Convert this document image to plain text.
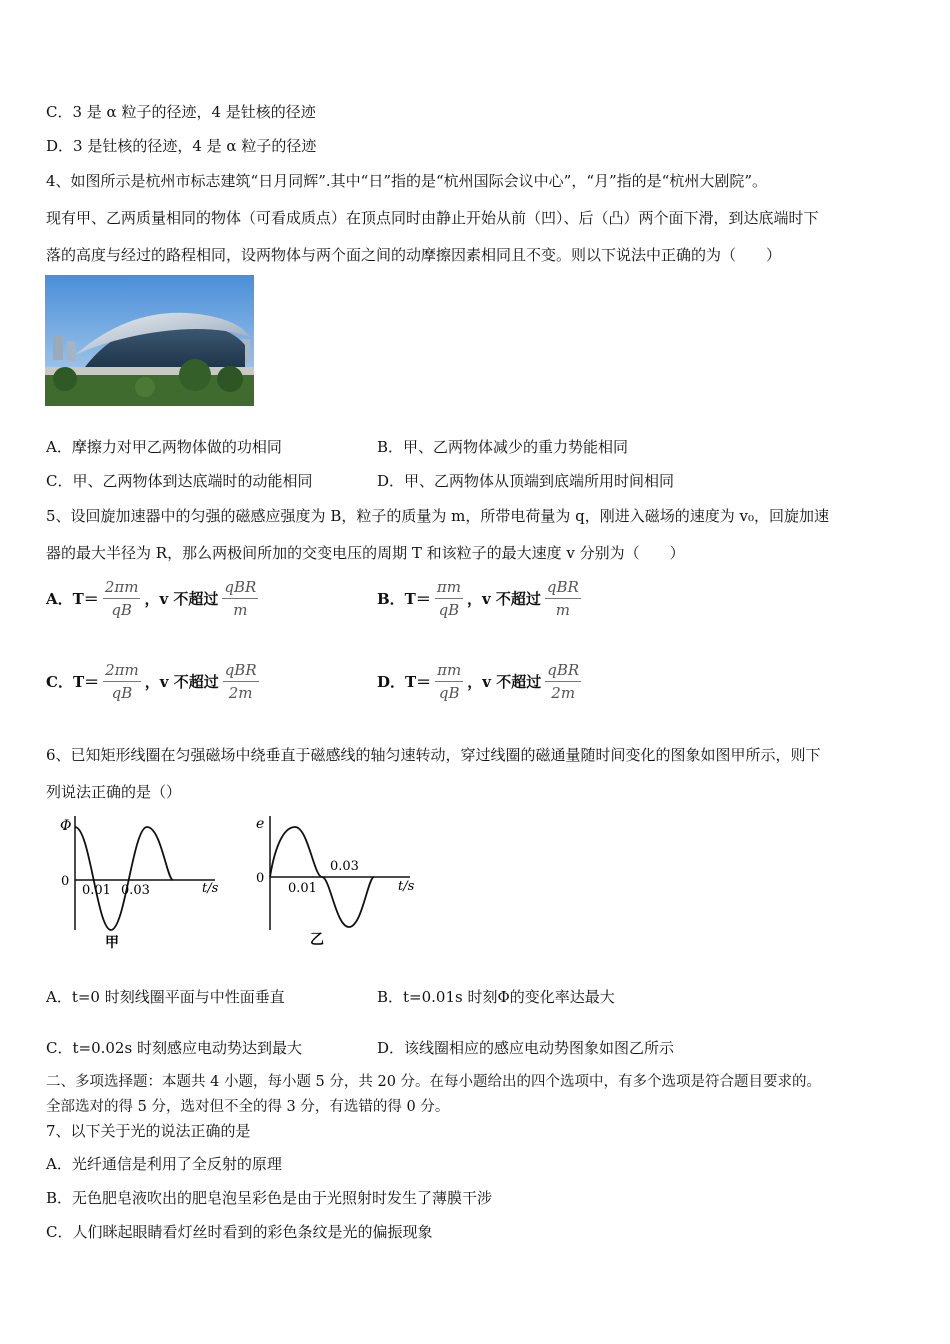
C．3 是 α 粒子的径迹，4 是钍核的径迹
D．3 是钍核的径迹，4 是 α 粒子的径迹
4、如图所示是杭州市标志建筑“日月同辉”.其中“日”指的是“杭州国际会议中心”，“月”指的是“杭州大剧院”。
现有甲、乙两质量相同的物体（可看成质点）在顶点同时由静止开始从前（凹）、后（凸）两个面下滑，到达底端时下
落的高度与经过的路程相同，设两物体与两个面之间的动摩擦因素相同且不变。则以下说法中正确的为（　　）
A．摩擦力对甲乙两物体做的功相同	B．甲、乙两物体减少的重力势能相同
C．甲、乙两物体到达底端时的动能相同	D．甲、乙两物体从顶端到底端所用时间相同
5、设回旋加速器中的匀强的磁感应强度为 B，粒子的质量为 m，所带电荷量为 q，刚进入磁场的速度为 v₀，回旋加速
器的最大半径为 R，那么两极间所加的交变电压的周期 T 和该粒子的最大速度 v 分别为（　　）
A．$T= \frac{2\pi m}{qB}$ ，v 不超过 $\frac{\text{qBR}}{m}$	B．$T= \frac{\pi m}{qB}$ ，v 不超过 $\frac{\text{qBR}}{m}$
C．$T= \frac{2\pi m}{qB}$ ，v 不超过 $\frac{\text{qBR}}{2m}$	D．$T= \frac{\pi m}{qB}$ ，v 不超过 $\frac{\text{qBR}}{2m}$
6、已知矩形线圈在匀强磁场中绕垂直于磁感线的轴匀速转动，穿过线圈的磁通量随时间变化的图象如图甲所示，则下
列说法正确的是（）
Φ
0
0.01 0.03	t/s
甲
e
0
0.01
0.03
t/s
乙
A．t=0 时刻线圈平面与中性面垂直	B．t=0.01s 时刻Φ的变化率达最大
C．t=0.02s 时刻感应电动势达到最大	D．该线圈相应的感应电动势图象如图乙所示
二、多项选择题：本题共 4 小题，每小题 5 分，共 20 分。在每小题给出的四个选项中，有多个选项是符合题目要求的。
全部选对的得 5 分，选对但不全的得 3 分，有选错的得 0 分。
7、以下关于光的说法正确的是
A．光纤通信是利用了全反射的原理
B．无色肥皂液吹出的肥皂泡呈彩色是由于光照射时发生了薄膜干涉
C．人们眯起眼睛看灯丝时看到的彩色条纹是光的偏振现象
